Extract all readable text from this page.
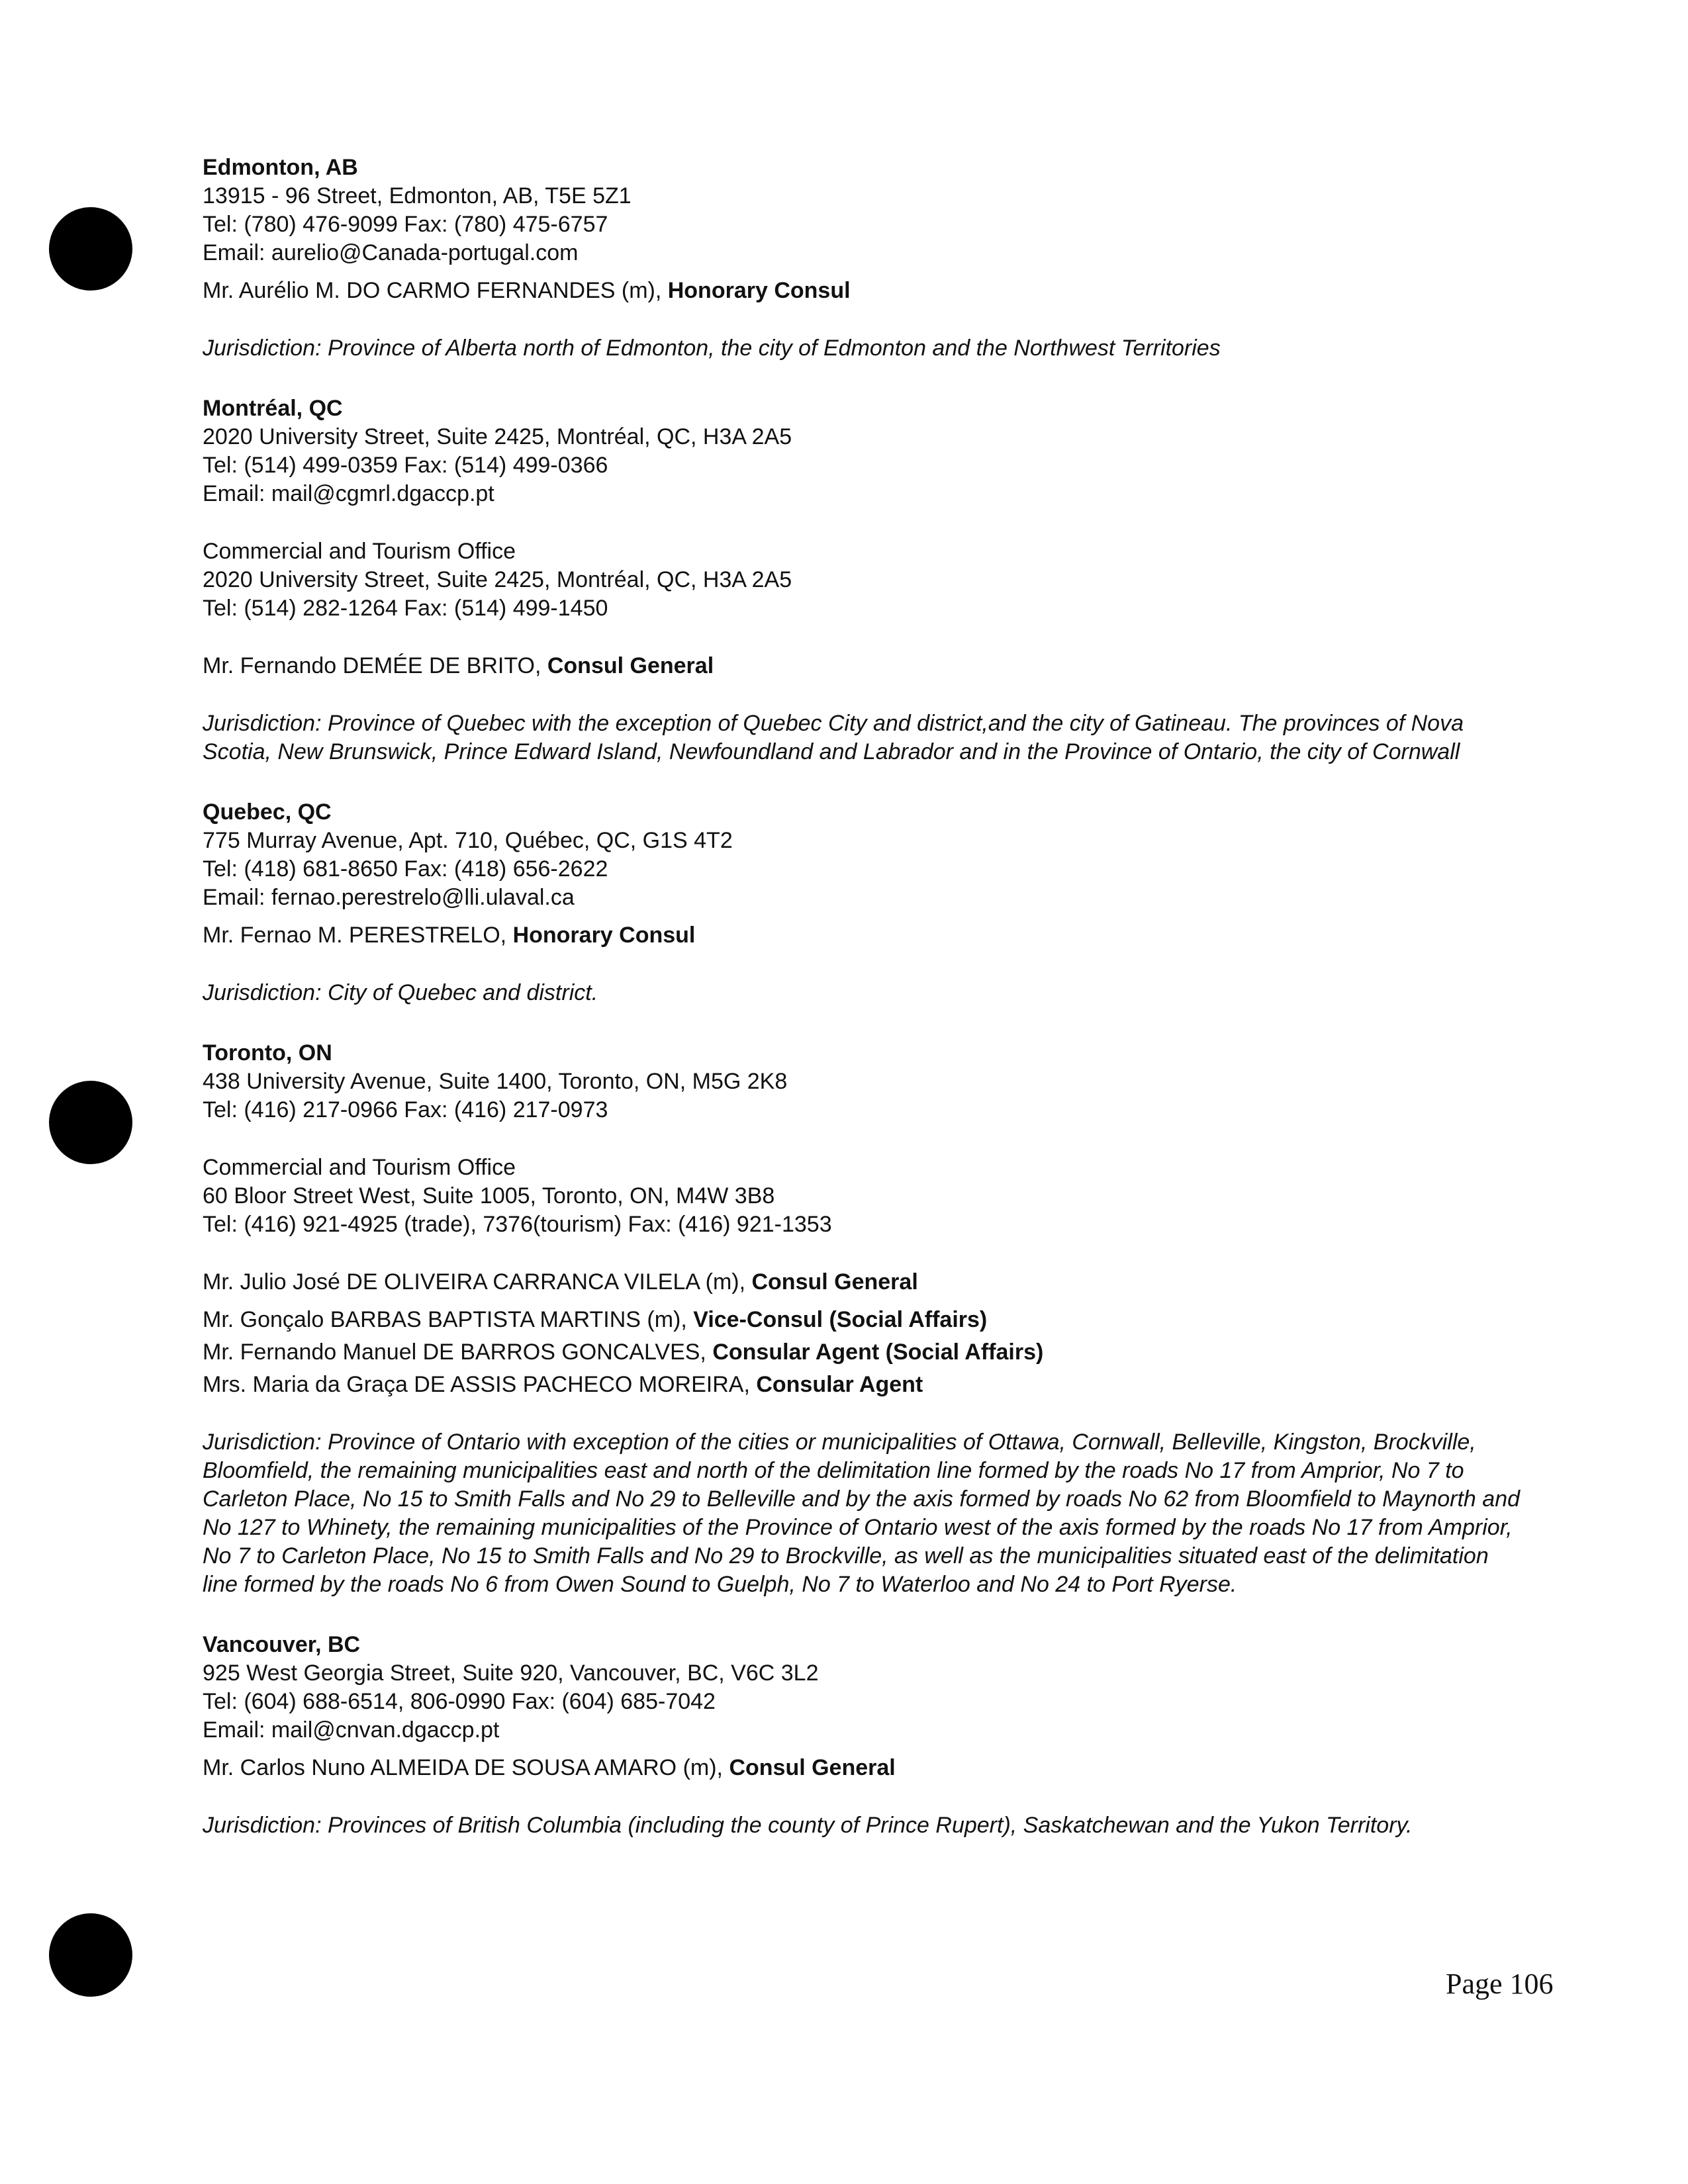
Edmonton, AB
13915 - 96 Street, Edmonton, AB, T5E 5Z1
Tel: (780) 476-9099 Fax: (780) 475-6757
Email: aurelio@Canada-portugal.com
Mr. Aurélio M. DO CARMO FERNANDES (m), Honorary Consul
Jurisdiction: Province of Alberta north of Edmonton, the city of Edmonton and the Northwest Territories
Montréal, QC
2020 University Street, Suite 2425, Montréal, QC, H3A 2A5
Tel: (514) 499-0359 Fax: (514) 499-0366
Email: mail@cgmrl.dgaccp.pt
Commercial and Tourism Office
2020 University Street, Suite 2425, Montréal, QC, H3A 2A5
Tel: (514) 282-1264 Fax: (514) 499-1450
Mr. Fernando DEMÉE DE BRITO, Consul General
Jurisdiction: Province of Quebec with the exception of Quebec City and district,and the city of Gatineau. The provinces of Nova Scotia, New Brunswick, Prince Edward Island, Newfoundland and Labrador and in the Province of Ontario, the city of Cornwall
Quebec, QC
775 Murray Avenue, Apt. 710, Québec, QC, G1S 4T2
Tel: (418) 681-8650 Fax: (418) 656-2622
Email: fernao.perestrelo@lli.ulaval.ca
Mr. Fernao M. PERESTRELO, Honorary Consul
Jurisdiction: City of Quebec and district.
Toronto, ON
438 University Avenue, Suite 1400, Toronto, ON, M5G 2K8
Tel: (416) 217-0966 Fax: (416) 217-0973
Commercial and Tourism Office
60 Bloor Street West, Suite 1005, Toronto, ON, M4W 3B8
Tel: (416) 921-4925 (trade), 7376(tourism) Fax: (416) 921-1353
Mr. Julio José DE OLIVEIRA CARRANCA VILELA (m), Consul General
Mr. Gonçalo BARBAS BAPTISTA MARTINS (m), Vice-Consul (Social Affairs)
Mr. Fernando Manuel DE BARROS GONCALVES, Consular Agent (Social Affairs)
Mrs. Maria da Graça DE ASSIS PACHECO MOREIRA, Consular Agent
Jurisdiction: Province of Ontario with exception of the cities or municipalities of Ottawa, Cornwall, Belleville, Kingston, Brockville, Bloomfield, the remaining municipalities east and north of the delimitation line formed by the roads No 17 from Amprior, No 7 to Carleton Place, No 15 to Smith Falls and No 29 to Belleville and by the axis formed by roads No 62 from Bloomfield to Maynorth and No 127 to Whinety, the remaining municipalities of the Province of Ontario west of the axis formed by the roads No 17 from Amprior, No 7 to Carleton Place, No 15 to Smith Falls and No 29 to Brockville, as well as the municipalities situated east of the delimitation line formed by the roads No 6 from Owen Sound to Guelph, No 7 to Waterloo and No 24 to Port Ryerse.
Vancouver, BC
925 West Georgia Street, Suite 920, Vancouver, BC, V6C 3L2
Tel: (604) 688-6514, 806-0990 Fax: (604) 685-7042
Email: mail@cnvan.dgaccp.pt
Mr. Carlos Nuno ALMEIDA DE SOUSA AMARO (m), Consul General
Jurisdiction: Provinces of British Columbia (including the county of Prince Rupert), Saskatchewan and the Yukon Territory.
Page 106
